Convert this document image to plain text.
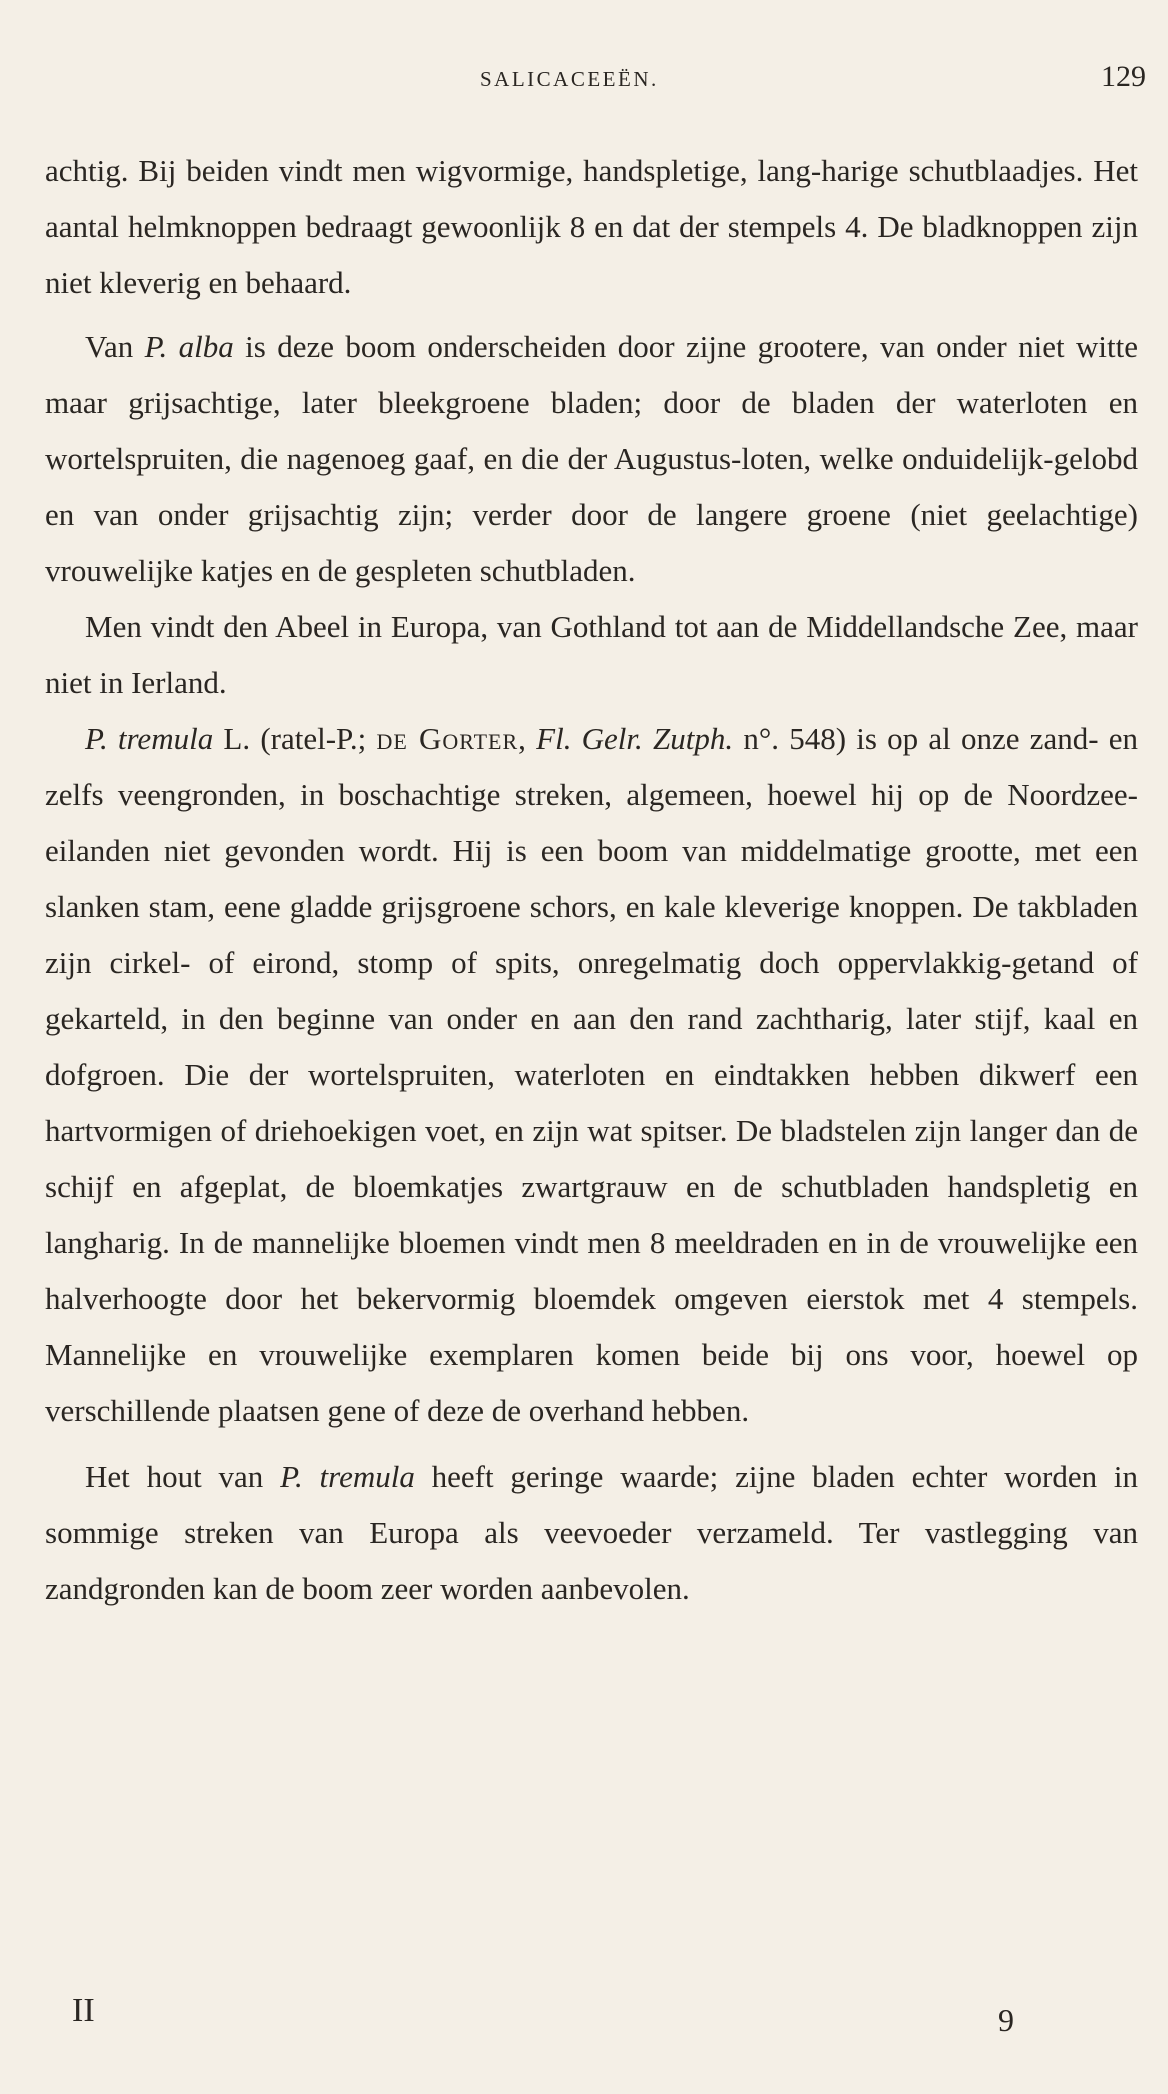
SALICACEEËN.	129

achtig. Bij beiden vindt men wigvormige, handspletige, lang-harige schutblaadjes. Het aantal helmknoppen bedraagt gewoonlijk 8 en dat der stempels 4. De bladknoppen zijn niet kleverig en behaard.

Van P. alba is deze boom onderscheiden door zijne grootere, van onder niet witte maar grijsachtige, later bleekgroene bladen; door de bladen der waterloten en wortelspruiten, die nagenoeg gaaf, en die der Augustus-loten, welke onduidelijk-gelobd en van onder grijsachtig zijn; verder door de langere groene (niet geelachtige) vrouwelijke katjes en de gespleten schutbladen.

Men vindt den Abeel in Europa, van Gothland tot aan de Middellandsche Zee, maar niet in Ierland.

P. tremula L. (ratel-P.; de Gorter, Fl. Gelr. Zutph. n°. 548) is op al onze zand- en zelfs veengronden, in boschachtige streken, algemeen, hoewel hij op de Noordzee-eilanden niet gevonden wordt. Hij is een boom van middelmatige grootte, met een slanken stam, eene gladde grijsgroene schors, en kale kleverige knoppen. De takbladen zijn cirkel- of eirond, stomp of spits, onregelmatig doch oppervlakkig-getand of gekarteld, in den beginne van onder en aan den rand zachtharig, later stijf, kaal en dofgroen. Die der wortelspruiten, waterloten en eindtakken hebben dikwerf een hartvormigen of driehoekigen voet, en zijn wat spitser. De bladstelen zijn langer dan de schijf en afgeplat, de bloemkatjes zwartgrauw en de schutbladen handspletig en langharig. In de mannelijke bloemen vindt men 8 meeldraden en in de vrouwelijke een halverhoogte door het bekervormig bloemdek omgeven eierstok met 4 stempels. Mannelijke en vrouwelijke exemplaren komen beide bij ons voor, hoewel op verschillende plaatsen gene of deze de overhand hebben.

Het hout van P. tremula heeft geringe waarde; zijne bladen echter worden in sommige streken van Europa als veevoeder verzameld. Ter vastlegging van zandgronden kan de boom zeer worden aanbevolen.

II	9
